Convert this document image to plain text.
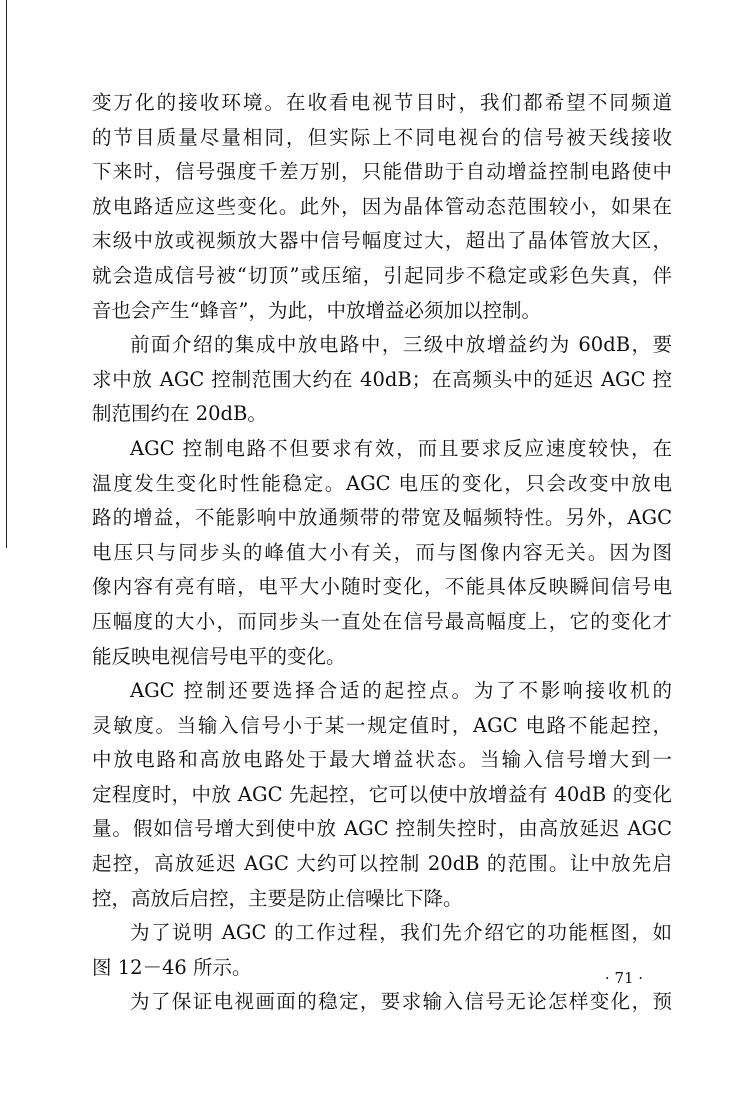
变万化的接收环境。在收看电视节目时，我们都希望不同频道
的节目质量尽量相同，但实际上不同电视台的信号被天线接收
下来时，信号强度千差万别，只能借助于自动增益控制电路使中
放电路适应这些变化。此外，因为晶体管动态范围较小，如果在
末级中放或视频放大器中信号幅度过大，超出了晶体管放大区，
就会造成信号被“切顶”或压缩，引起同步不稳定或彩色失真，伴
音也会产生“蜂音”，为此，中放增益必须加以控制。
前面介绍的集成中放电路中，三级中放增益约为 60dB，要
求中放 AGC 控制范围大约在 40dB；在高频头中的延迟 AGC 控
制范围约在 20dB。
AGC 控制电路不但要求有效，而且要求反应速度较快，在
温度发生变化时性能稳定。AGC 电压的变化，只会改变中放电
路的增益，不能影响中放通频带的带宽及幅频特性。另外，AGC
电压只与同步头的峰值大小有关，而与图像内容无关。因为图
像内容有亮有暗，电平大小随时变化，不能具体反映瞬间信号电
压幅度的大小，而同步头一直处在信号最高幅度上，它的变化才
能反映电视信号电平的变化。
AGC 控制还要选择合适的起控点。为了不影响接收机的
灵敏度。当输入信号小于某一规定值时，AGC 电路不能起控，
中放电路和高放电路处于最大增益状态。当输入信号增大到一
定程度时，中放 AGC 先起控，它可以使中放增益有 40dB 的变化
量。假如信号增大到使中放 AGC 控制失控时，由高放延迟 AGC
起控，高放延迟 AGC 大约可以控制 20dB 的范围。让中放先启
控，高放后启控，主要是防止信噪比下降。
为了说明 AGC 的工作过程，我们先介绍它的功能框图，如
图 12－46 所示。
为了保证电视画面的稳定，要求输入信号无论怎样变化，预
· 71 ·
